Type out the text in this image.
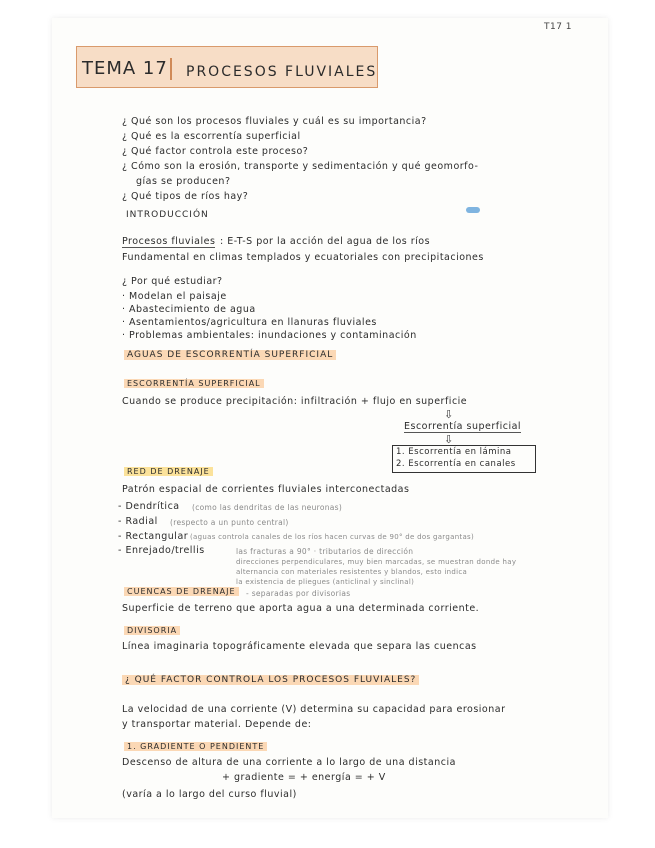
T17 1
TEMA 17 PROCESOS FLUVIALES
¿ Qué son los procesos fluviales y cuál es su importancia?
¿ Qué es la escorrentía superficial
¿ Qué factor controla este proceso?
¿ Cómo son la erosión, transporte y sedimentación y qué geomorfo-
gías se producen?
¿ Qué tipos de ríos hay?
INTRODUCCIÓN
Procesos fluviales : E-T-S por la acción del agua de los ríos
Fundamental en climas templados y ecuatoriales con precipitaciones
¿ Por qué estudiar?
· Modelan el paisaje
· Abastecimiento de agua
· Asentamientos/agricultura en llanuras fluviales
· Problemas ambientales: inundaciones y contaminación
AGUAS DE ESCORRENTÍA SUPERFICIAL
ESCORRENTÍA SUPERFICIAL
Cuando se produce precipitación: infiltración + flujo en superficie
⇩
Escorrentía superficial
⇩
1. Escorrentía en lámina
2. Escorrentía en canales
RED DE DRENAJE
Patrón espacial de corrientes fluviales interconectadas
- Dendrítica (como las dendritas de las neuronas)
- Radial (respecto a un punto central)
- Rectangular (aguas controla canales de los ríos hacen curvas de 90° de dos gargantas)
- Enrejado/trellis	las fracturas a 90° · tributarios de dirección
direcciones perpendiculares, muy bien marcadas, se muestran donde hay
alternancia con materiales resistentes y blandos, esto indica
la existencia de pliegues (anticlinal y sinclinal)
CUENCAS DE DRENAJE	- separadas por divisorias
Superficie de terreno que aporta agua a una determinada corriente.
DIVISORIA
Línea imaginaria topográficamente elevada que separa las cuencas
¿ QUÉ FACTOR CONTROLA LOS PROCESOS FLUVIALES?
La velocidad de una corriente (V) determina su capacidad para erosionar
y transportar material. Depende de:
1. GRADIENTE O PENDIENTE
Descenso de altura de una corriente a lo largo de una distancia
+ gradiente = + energía = + V
(varía a lo largo del curso fluvial)
